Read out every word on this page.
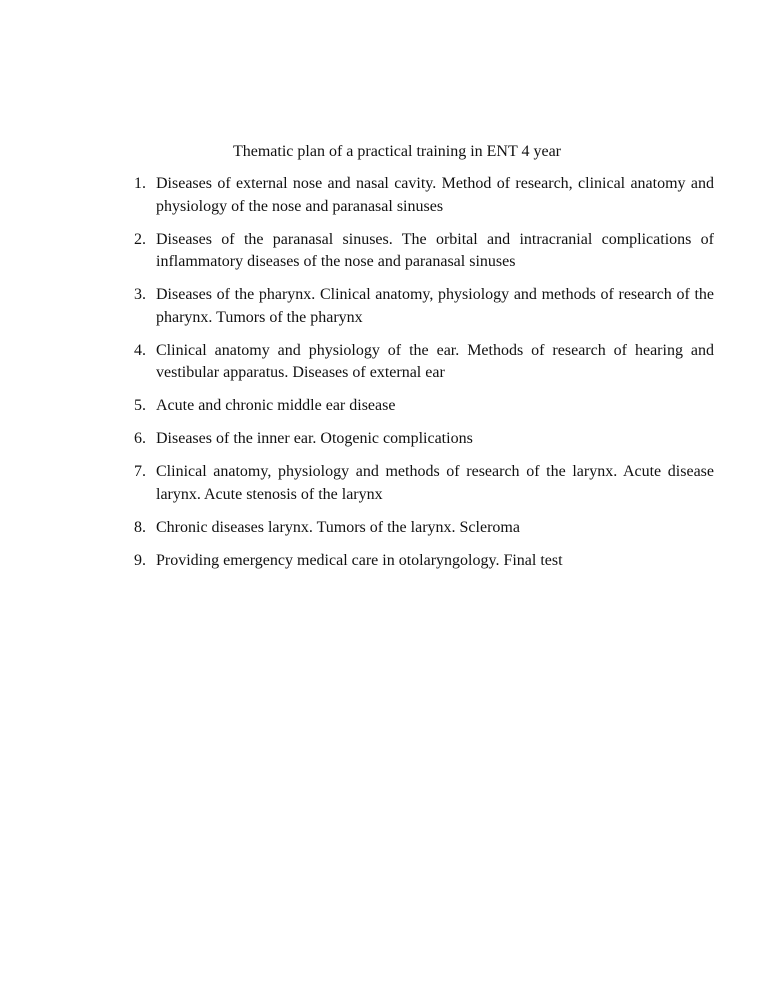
Thematic plan of a practical training in ENT 4 year
1. Diseases of external nose and nasal cavity. Method of research, clinical anatomy and physiology of the nose and paranasal sinuses
2. Diseases of the paranasal sinuses. The orbital and intracranial complications of inflammatory diseases of the nose and paranasal sinuses
3. Diseases of the pharynx. Clinical anatomy, physiology and methods of research of the pharynx. Tumors of the pharynx
4. Clinical anatomy and physiology of the ear. Methods of research of hearing and vestibular apparatus. Diseases of external ear
5. Acute and chronic middle ear disease
6. Diseases of the inner ear. Otogenic complications
7. Clinical anatomy, physiology and methods of research of the larynx. Acute disease larynx. Acute stenosis of the larynx
8. Chronic diseases larynx. Tumors of the larynx. Scleroma
9. Providing emergency medical care in otolaryngology. Final test
